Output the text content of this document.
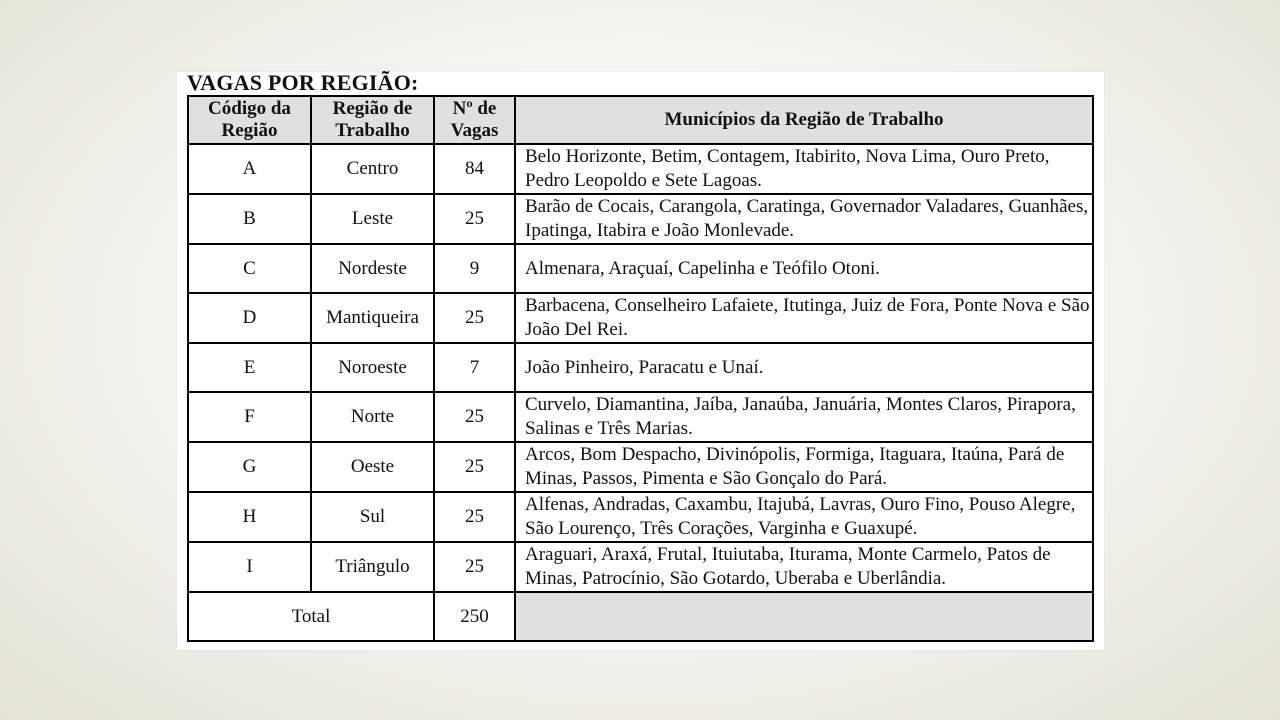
VAGAS POR REGIÃO:
Código da Região	Região de Trabalho	Nº de Vagas	Municípios da Região de Trabalho
A	Centro	84	Belo Horizonte, Betim, Contagem, Itabirito, Nova Lima, Ouro Preto, Pedro Leopoldo e Sete Lagoas.
B	Leste	25	Barão de Cocais, Carangola, Caratinga, Governador Valadares, Guanhães, Ipatinga, Itabira e João Monlevade.
C	Nordeste	9	Almenara, Araçuaí, Capelinha e Teófilo Otoni.
D	Mantiqueira	25	Barbacena, Conselheiro Lafaiete, Itutinga, Juiz de Fora, Ponte Nova e São João Del Rei.
E	Noroeste	7	João Pinheiro, Paracatu e Unaí.
F	Norte	25	Curvelo, Diamantina, Jaíba, Janaúba, Januária, Montes Claros, Pirapora, Salinas e Três Marias.
G	Oeste	25	Arcos, Bom Despacho, Divinópolis, Formiga, Itaguara, Itaúna, Pará de Minas, Passos, Pimenta e São Gonçalo do Pará.
H	Sul	25	Alfenas, Andradas, Caxambu, Itajubá, Lavras, Ouro Fino, Pouso Alegre, São Lourenço, Três Corações, Varginha e Guaxupé.
I	Triângulo	25	Araguari, Araxá, Frutal, Ituiutaba, Iturama, Monte Carmelo, Patos de Minas, Patrocínio, São Gotardo, Uberaba e Uberlândia.
Total		250	
